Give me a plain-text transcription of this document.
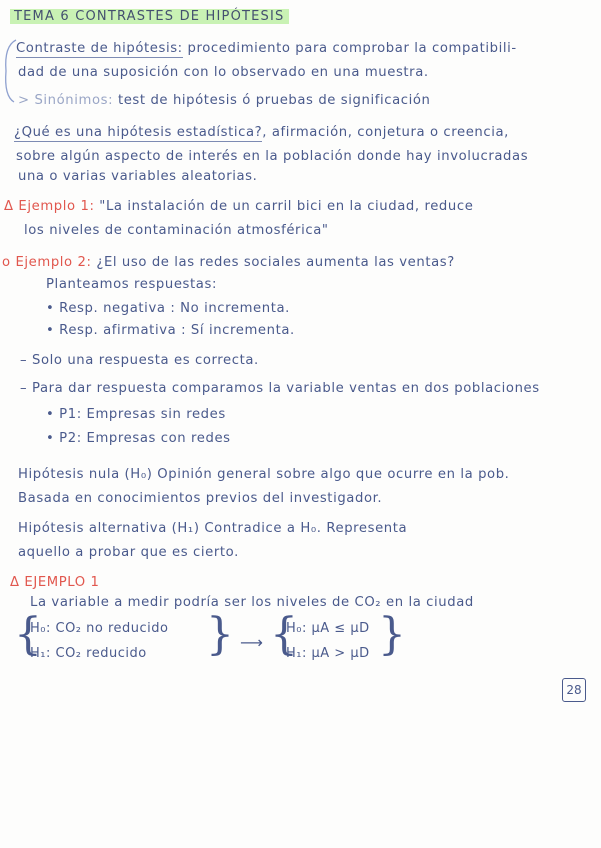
TEMA 6 CONTRASTES DE HIPÓTESIS
Contraste de hipótesis: procedimiento para comprobar la compatibili-
dad de una suposición con lo observado en una muestra.
> Sinónimos: test de hipótesis ó pruebas de significación
¿Qué es una hipótesis estadística?, afirmación, conjetura o creencia,
sobre algún aspecto de interés en la población donde hay involucradas
una o varias variables aleatorias.
Δ Ejemplo 1: "La instalación de un carril bici en la ciudad, reduce
los niveles de contaminación atmosférica"
o Ejemplo 2: ¿El uso de las redes sociales aumenta las ventas?
Planteamos respuestas:
• Resp. negativa : No incrementa.
• Resp. afirmativa : Sí incrementa.
– Solo una respuesta es correcta.
– Para dar respuesta comparamos la variable ventas en dos poblaciones
• P1: Empresas sin redes
• P2: Empresas con redes
Hipótesis nula (H₀) Opinión general sobre algo que ocurre en la pob.
Basada en conocimientos previos del investigador.
Hipótesis alternativa (H₁) Contradice a H₀. Representa
aquello a probar que es cierto.
Δ EJEMPLO 1
La variable a medir podría ser los niveles de CO₂ en la ciudad
{
H₀: CO₂ no reducido
H₁: CO₂ reducido } ⟶ {
H₀: μA ≤ μD
H₁: μA > μD }
28
